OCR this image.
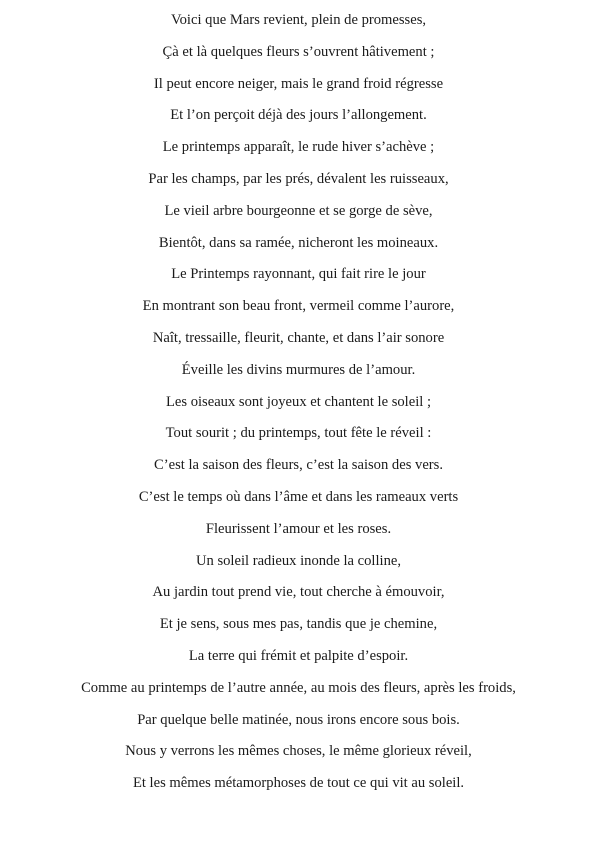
Voici que Mars revient, plein de promesses,
Çà et là quelques fleurs s’ouvrent hâtivement ;
Il peut encore neiger, mais le grand froid régresse
Et l’on perçoit déjà des jours l’allongement.
Le printemps apparaît, le rude hiver s’achève ;
Par les champs, par les prés, dévalent les ruisseaux,
Le vieil arbre bourgeonne et se gorge de sève,
Bientôt, dans sa ramée, nicheront les moineaux.
Le Printemps rayonnant, qui fait rire le jour
En montrant son beau front, vermeil comme l’aurore,
Naît, tressaille, fleurit, chante, et dans l’air sonore
Éveille les divins murmures de l’amour.
Les oiseaux sont joyeux et chantent le soleil ;
Tout sourit ; du printemps, tout fête le réveil :
C’est la saison des fleurs, c’est la saison des vers.
C’est le temps où dans l’âme et dans les rameaux verts
Fleurissent l’amour et les roses.
Un soleil radieux inonde la colline,
Au jardin tout prend vie, tout cherche à émouvoir,
Et je sens, sous mes pas, tandis que je chemine,
La terre qui frémit et palpite d’espoir.
Comme au printemps de l’autre année, au mois des fleurs, après les froids,
Par quelque belle matinée, nous irons encore sous bois.
Nous y verrons les mêmes choses, le même glorieux réveil,
Et les mêmes métamorphoses de tout ce qui vit au soleil.
